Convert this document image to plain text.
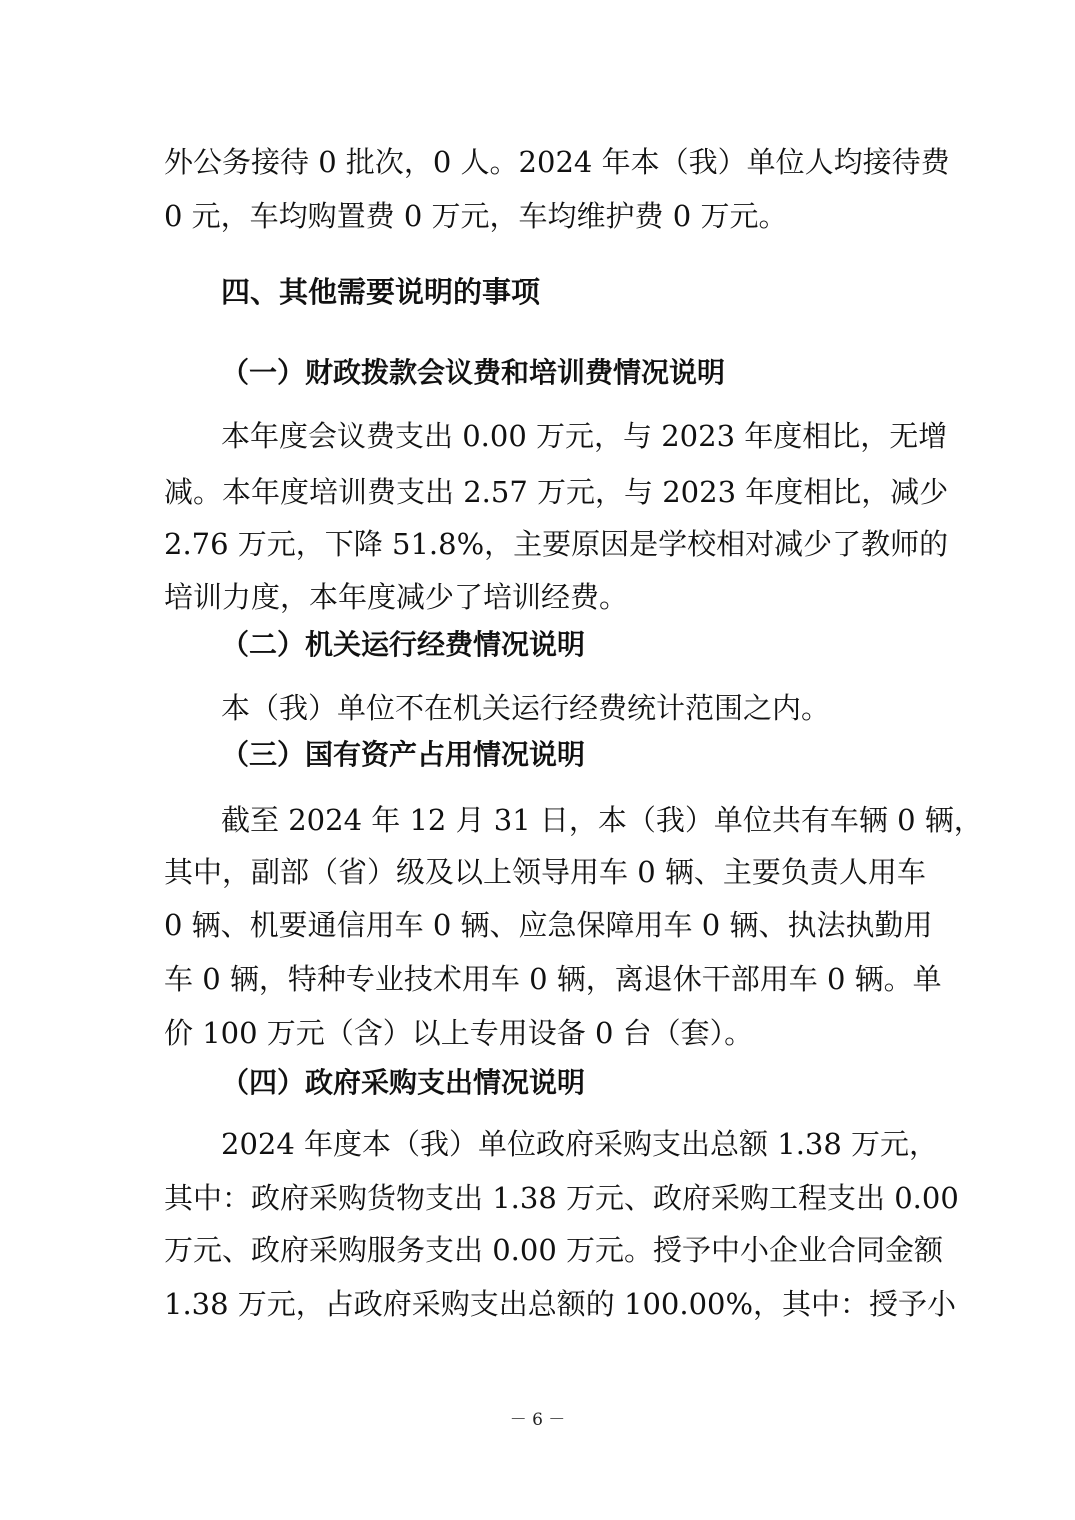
外公务接待 0 批次，0 人。2024 年本（我）单位人均接待费
0 元，车均购置费 0 万元，车均维护费 0 万元。
四、其他需要说明的事项
（一）财政拨款会议费和培训费情况说明
本年度会议费支出 0.00 万元，与 2023 年度相比，无增
减。本年度培训费支出 2.57 万元，与 2023 年度相比，减少
2.76 万元，下降 51.8%，主要原因是学校相对减少了教师的
培训力度，本年度减少了培训经费。
（二）机关运行经费情况说明
本（我）单位不在机关运行经费统计范围之内。
（三）国有资产占用情况说明
截至 2024 年 12 月 31 日，本（我）单位共有车辆 0 辆，
其中，副部（省）级及以上领导用车 0 辆、主要负责人用车
0 辆、机要通信用车 0 辆、应急保障用车 0 辆、执法执勤用
车 0 辆，特种专业技术用车 0 辆，离退休干部用车 0 辆。单
价 100 万元（含）以上专用设备 0 台（套）。
（四）政府采购支出情况说明
2024 年度本（我）单位政府采购支出总额 1.38 万元，
其中：政府采购货物支出 1.38 万元、政府采购工程支出 0.00
万元、政府采购服务支出 0.00 万元。授予中小企业合同金额
1.38 万元，占政府采购支出总额的 100.00%，其中：授予小
－ 6 －
